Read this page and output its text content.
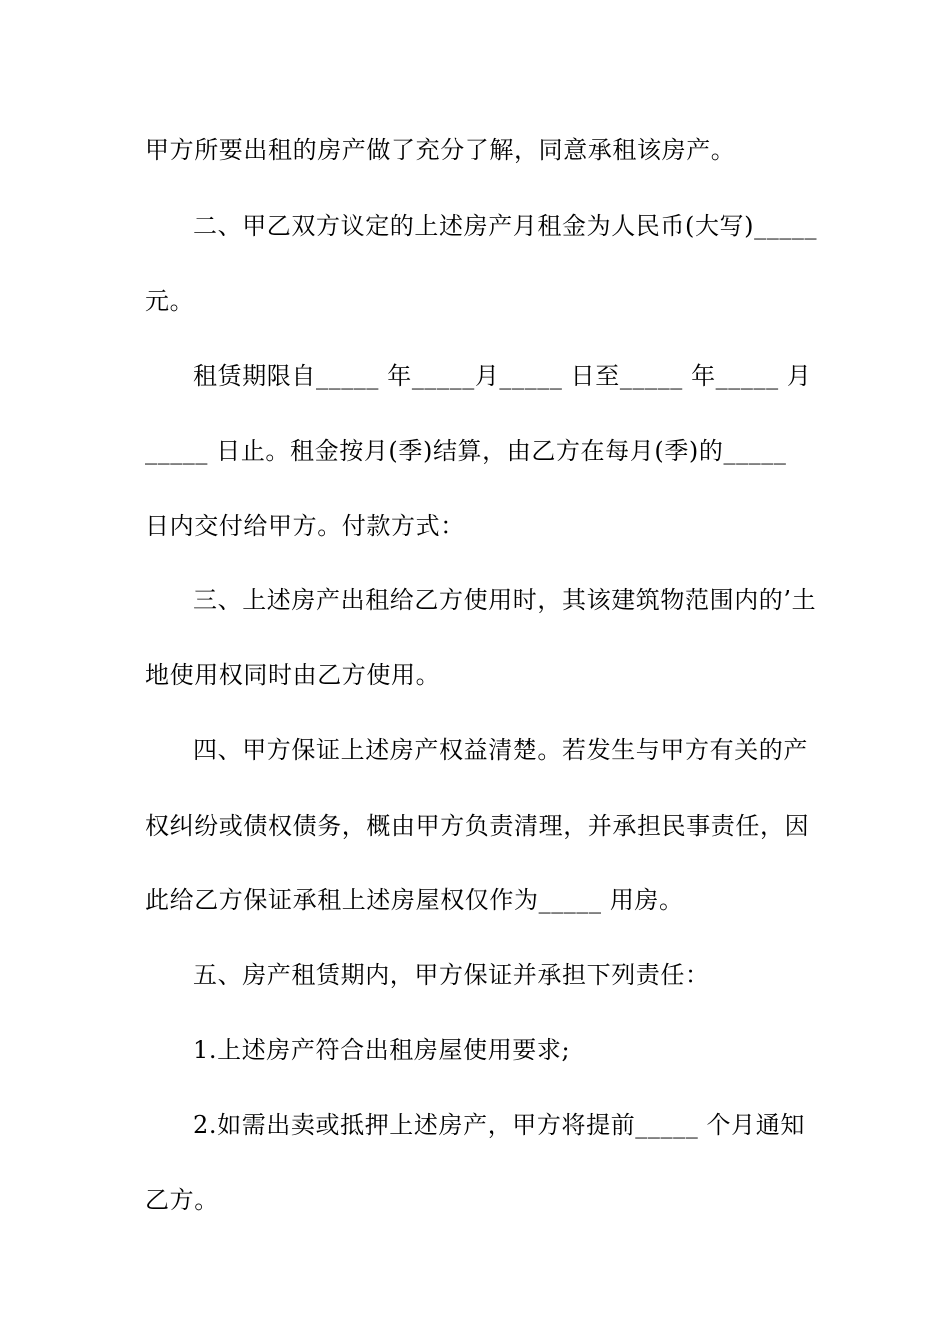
甲方所要出租的房产做了充分了解，同意承租该房产。
二、甲乙双方议定的上述房产月租金为人民币(大写)_____
元。
租赁期限自_____ 年_____月_____ 日至_____ 年_____ 月
_____ 日止。租金按月(季)结算，由乙方在每月(季)的_____
日内交付给甲方。付款方式：
三、上述房产出租给乙方使用时，其该建筑物范围内的’土
地使用权同时由乙方使用。
四、甲方保证上述房产权益清楚。若发生与甲方有关的产
权纠纷或债权债务，概由甲方负责清理，并承担民事责任，因
此给乙方保证承租上述房屋权仅作为_____ 用房。
五、房产租赁期内，甲方保证并承担下列责任：
1.上述房产符合出租房屋使用要求;
2.如需出卖或抵押上述房产，甲方将提前_____ 个月通知
乙方。
